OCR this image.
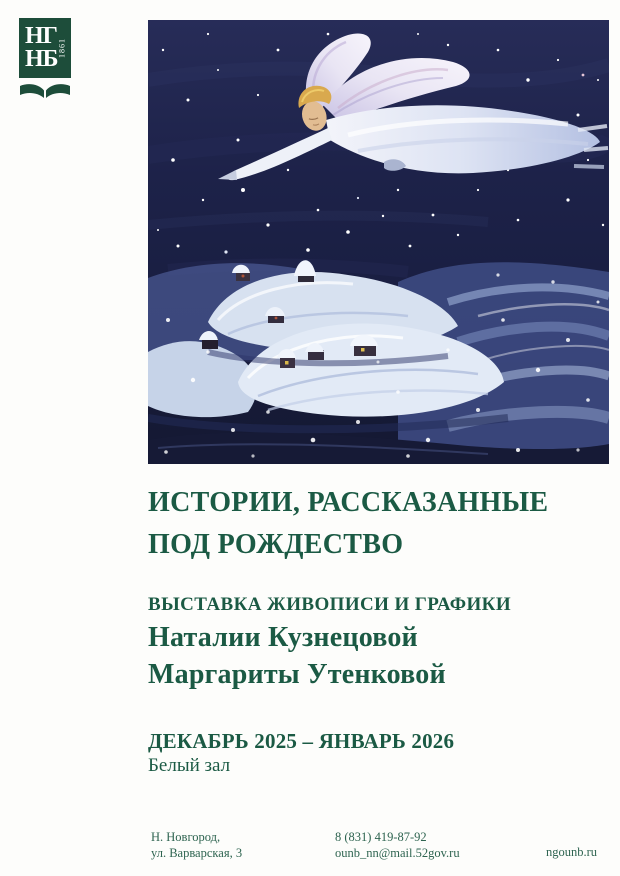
НГ
НБ 1861
ИСТОРИИ, РАССКАЗАННЫЕ
ПОД РОЖДЕСТВО
ВЫСТАВКА ЖИВОПИСИ И ГРАФИКИ
Наталии Кузнецовой
Маргариты Утенковой
ДЕКАБРЬ 2025 – ЯНВАРЬ 2026
Белый зал
Н. Новгород,
ул. Варварская, 3
8 (831) 419-87-92
ounb_nn@mail.52gov.ru	ngounb.ru
